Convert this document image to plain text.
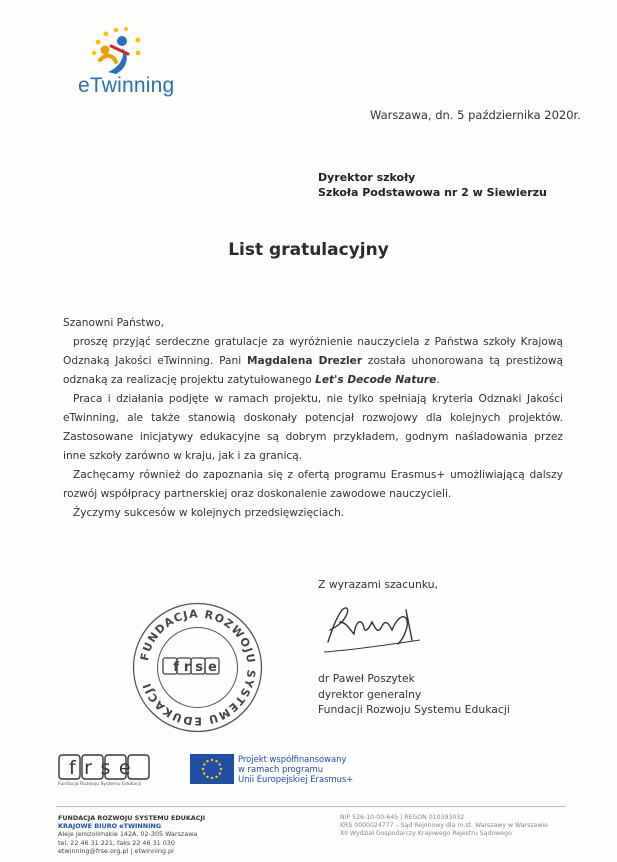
eTwinning
Warszawa, dn. 5 października 2020r.
Dyrektor szkoły
Szkoła Podstawowa nr 2 w Siewierzu
List gratulacyjny

Szanowni Państwo,

proszę przyjąć serdeczne gratulacje za wyróżnienie nauczyciela z Państwa szkoły Krajową Odznaką Jakości eTwinning. Pani Magdalena Drezler została uhonorowana tą prestiżową odznaką za realizację projektu zatytułowanego Let's Decode Nature.

Praca i działania podjęte w ramach projektu, nie tylko spełniają kryteria Odznaki Jakości eTwinning, ale także stanowią doskonały potencjał rozwojowy dla kolejnych projektów. Zastosowane inicjatywy edukacyjne są dobrym przykładem, godnym naśladowania przez inne szkoły zarówno w kraju, jak i za granicą.

Zachęcamy również do zapoznania się z ofertą programu Erasmus+ umożliwiającą dalszy rozwój współpracy partnerskiej oraz doskonalenie zawodowe nauczycieli.

Życzymy sukcesów w kolejnych przedsięwzięciach.

Z wyrazami szacunku,
dr Paweł Poszytek
dyrektor generalny
Fundacji Rozwoju Systemu Edukacji
FUNDACJA ROZWOJU SYSTEMU EDUKACJI
frse
frse
Fundacja Rozwoju Systemu Edukacji
Projekt współfinansowany
w ramach programu
Unii Europejskiej Erasmus+
FUNDACJA ROZWOJU SYSTEMU EDUKACJI
KRAJOWE BIURO eTWINNING
Aleje Jerozolimskie 142A, 02-305 Warszawa
tel. 22 46 31 221, faks 22 46 31 030
etwinning@frse.org.pl | etwinning.pl
NIP 526-10-00-645 | REGON 010393032
KRS 0000024777 – Sąd Rejonowy dla m.st. Warszawy w Warszawie
XII Wydział Gospodarczy Krajowego Rejestru Sądowego
